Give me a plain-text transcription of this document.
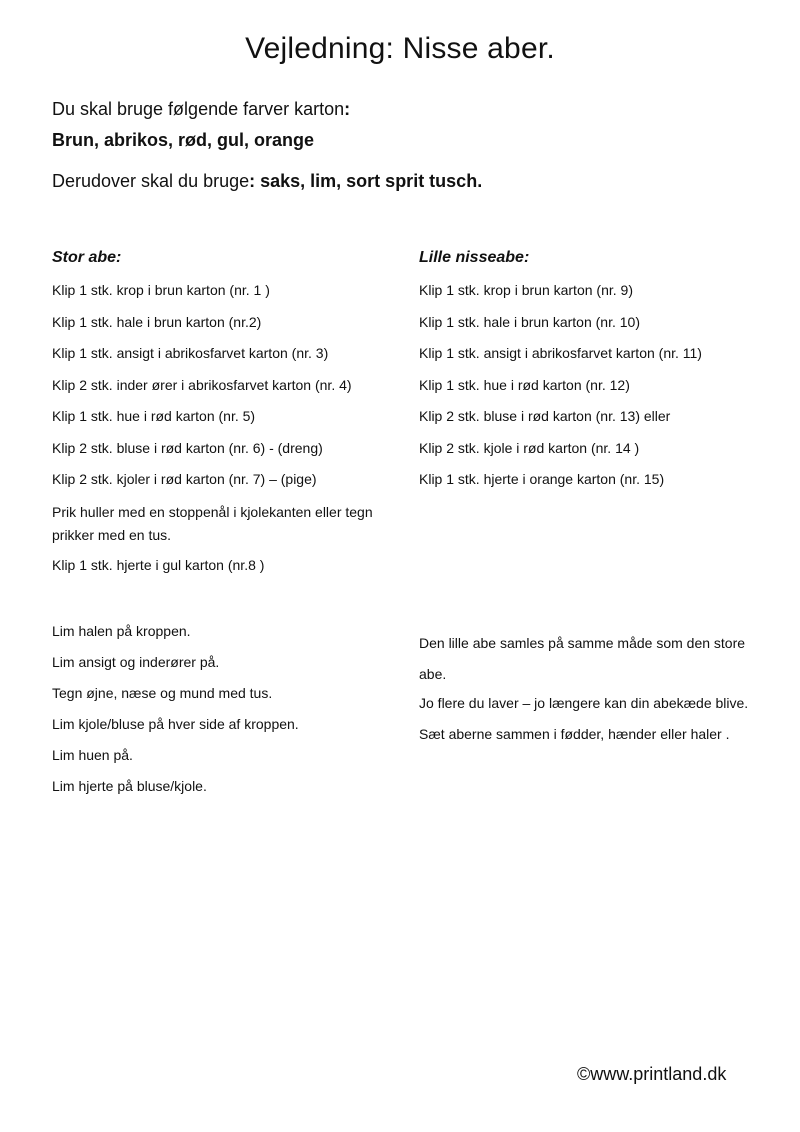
Vejledning: Nisse aber.
Du skal bruge følgende farver karton:
Brun, abrikos, rød, gul, orange
Derudover skal du bruge: saks, lim, sort sprit tusch.
Stor abe:
Klip 1 stk. krop i brun karton (nr. 1 )
Klip 1 stk. hale i brun karton (nr.2)
Klip 1 stk. ansigt i abrikosfarvet karton (nr. 3)
Klip 2 stk. inder ører i abrikosfarvet karton (nr. 4)
Klip 1 stk. hue i rød karton (nr. 5)
Klip 2 stk. bluse i rød karton (nr. 6) - (dreng)
Klip 2 stk. kjoler i rød karton (nr. 7) – (pige)
Prik huller med en stoppenål i kjolekanten eller tegn prikker med en tus.
Klip 1 stk. hjerte i gul karton (nr.8 )
Lim halen på kroppen.
Lim ansigt og inderører på.
Tegn øjne, næse og mund med tus.
Lim kjole/bluse på hver side af kroppen.
Lim huen på.
Lim hjerte på bluse/kjole.
Lille nisseabe:
Klip 1 stk. krop i brun karton (nr. 9)
Klip 1 stk. hale i brun karton (nr. 10)
Klip 1 stk. ansigt i abrikosfarvet karton (nr. 11)
Klip 1 stk. hue i rød karton (nr. 12)
Klip 2 stk. bluse i rød karton (nr. 13) eller
Klip 2 stk. kjole i rød karton (nr. 14 )
Klip 1 stk. hjerte i orange karton (nr. 15)
Den lille abe samles på samme måde som den store abe.
Jo flere du laver – jo længere kan din abekæde blive.
Sæt aberne sammen i fødder, hænder eller haler .
©www.printland.dk
